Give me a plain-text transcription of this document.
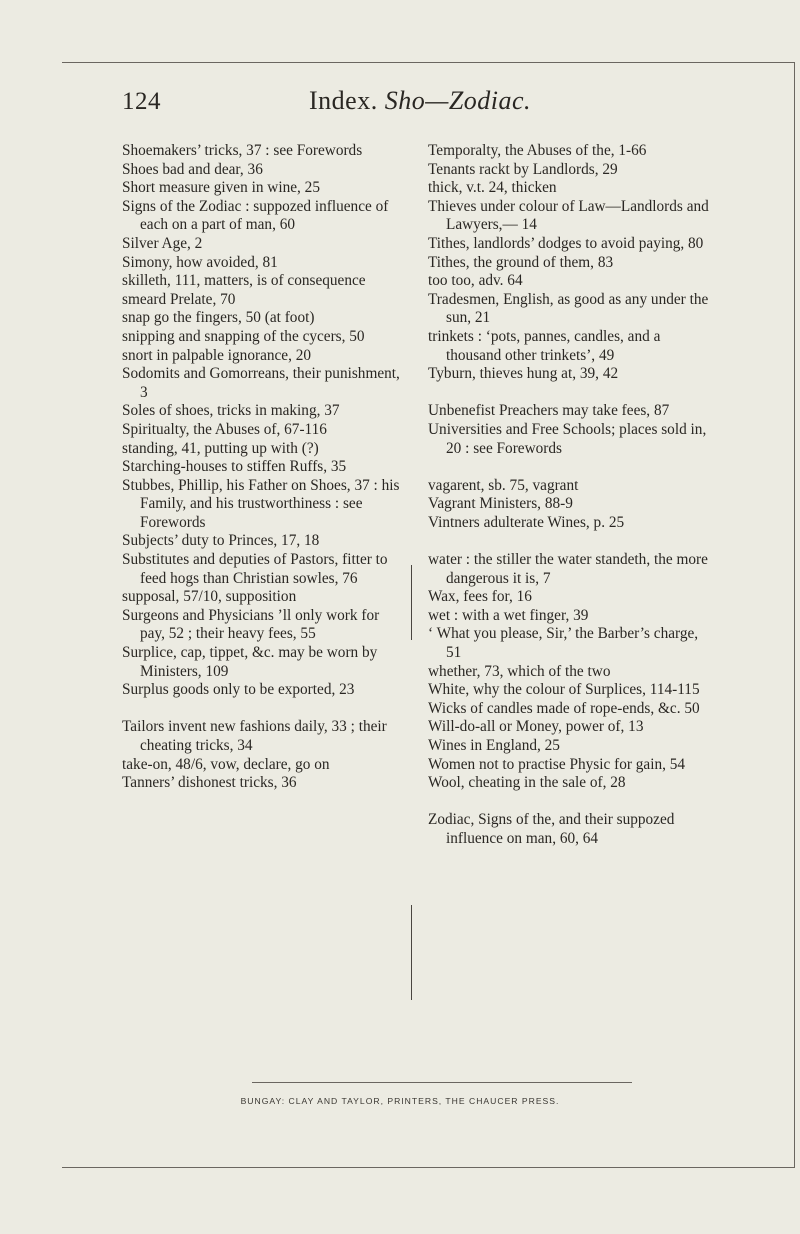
124	Index. Sho—Zodiac.

Shoemakers’ tricks, 37 : see Forewords

Shoes bad and dear, 36

Short measure given in wine, 25

Signs of the Zodiac : suppozed influence of each on a part of man, 60

Silver Age, 2

Simony, how avoided, 81

skilleth, 111, matters, is of consequence

smeard Prelate, 70

snap go the fingers, 50 (at foot)

snipping and snapping of the cycers, 50

snort in palpable ignorance, 20

Sodomits and Gomorreans, their punishment, 3

Soles of shoes, tricks in making, 37

Spiritualty, the Abuses of, 67-116

standing, 41, putting up with (?)

Starching-houses to stiffen Ruffs, 35

Stubbes, Phillip, his Father on Shoes, 37 : his Family, and his trustworthiness : see Forewords

Subjects’ duty to Princes, 17, 18

Substitutes and deputies of Pastors, fitter to feed hogs than Christian sowles, 76

supposal, 57/10, supposition

Surgeons and Physicians ’ll only work for pay, 52 ; their heavy fees, 55

Surplice, cap, tippet, &c. may be worn by Ministers, 109

Surplus goods only to be exported, 23

Tailors invent new fashions daily, 33 ; their cheating tricks, 34

take-on, 48/6, vow, declare, go on

Tanners’ dishonest tricks, 36

Temporalty, the Abuses of the, 1-66

Tenants rackt by Landlords, 29

thick, v.t. 24, thicken

Thieves under colour of Law—Landlords and Lawyers,— 14

Tithes, landlords’ dodges to avoid paying, 80

Tithes, the ground of them, 83

too too, adv. 64

Tradesmen, English, as good as any under the sun, 21

trinkets : ‘pots, pannes, candles, and a thousand other trinkets’, 49

Tyburn, thieves hung at, 39, 42

Unbenefist Preachers may take fees, 87

Universities and Free Schools; places sold in, 20 : see Forewords

vagarent, sb. 75, vagrant

Vagrant Ministers, 88-9

Vintners adulterate Wines, p. 25

water : the stiller the water standeth, the more dangerous it is, 7

Wax, fees for, 16

wet : with a wet finger, 39

‘ What you please, Sir,’ the Barber’s charge, 51

whether, 73, which of the two

White, why the colour of Surplices, 114-115

Wicks of candles made of rope-ends, &c. 50

Will-do-all or Money, power of, 13

Wines in England, 25

Women not to practise Physic for gain, 54

Wool, cheating in the sale of, 28

Zodiac, Signs of the, and their suppozed influence on man, 60, 64

BUNGAY: CLAY AND TAYLOR, PRINTERS, THE CHAUCER PRESS.
